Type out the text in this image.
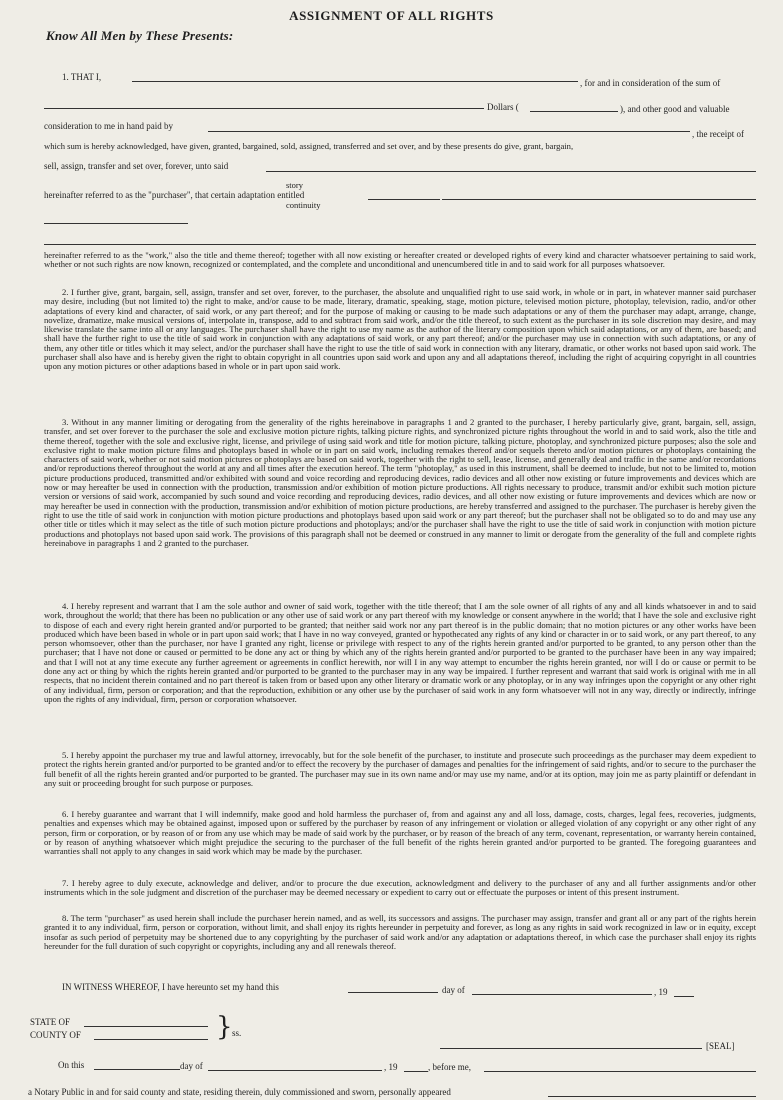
ASSIGNMENT OF ALL RIGHTS
Know All Men by These Presents:
1. THAT I,
, for and in consideration of the sum of
Dollars (	), and other good and valuable
consideration to me in hand paid by
, the receipt of
which sum is hereby acknowledged, have given, granted, bargained, sold, assigned, transferred and set over, and by these presents do give, grant, bargain,
sell, assign, transfer and set over, forever, unto said
story
hereinafter referred to as the "purchaser", that certain adaptation entitled
continuity
hereinafter referred to as the "work," also the title and theme thereof; together with all now existing or hereafter created or developed rights of every kind and character whatsoever pertaining to said work, whether or not such rights are now known, recognized or contemplated, and the complete and unconditional and unencumbered title in and to said work for all purposes whatsoever.
2. I further give, grant, bargain, sell, assign, transfer and set over, forever, to the purchaser, the absolute and unqualified right to use said work, in whole or in part, in whatever manner said purchaser may desire, including (but not limited to) the right to make, and/or cause to be made, literary, dramatic, speaking, stage, motion picture, televised motion picture, photoplay, television, radio, and/or other adaptations of every kind and character, of said work, or any part thereof; and for the purpose of making or causing to be made such adaptations or any of them the purchaser may adapt, arrange, change, novelize, dramatize, make musical versions of, interpolate in, transpose, add to and subtract from said work, and/or the title thereof, to such extent as the purchaser in its sole discretion may desire, and may likewise translate the same into all or any languages. The purchaser shall have the right to use my name as the author of the literary composition upon which said adaptations, or any of them, are based; and shall have the further right to use the title of said work in conjunction with any adaptations of said work, or any part thereof; and/or the purchaser may use in connection with such adaptations, or any of them, any other title or titles which it may select, and/or the purchaser shall have the right to use the title of said work in connection with any literary, dramatic, or other works not based upon said work. The purchaser shall also have and is hereby given the right to obtain copyright in all countries upon said work and upon any and all adaptations thereof, including the right of acquiring copyright in all countries upon any motion pictures or other adaptions based in whole or in part upon said work.
3. Without in any manner limiting or derogating from the generality of the rights hereinabove in paragraphs 1 and 2 granted to the purchaser, I hereby particularly give, grant, bargain, sell, assign, transfer, and set over forever to the purchaser the sole and exclusive motion picture rights, talking picture rights, and synchronized picture rights throughout the world in and to said work, also the title and theme thereof, together with the sole and exclusive right, license, and privilege of using said work and title for motion picture, talking picture, photoplay, and synchronized picture purposes; also the sole and exclusive right to make motion picture films and photoplays based in whole or in part on said work, including remakes thereof and/or sequels thereto and/or motion pictures or photoplays containing the characters of said work, whether or not said motion pictures or photoplays are based on said work, together with the right to sell, lease, license, and generally deal and traffic in the same and/or recordations and/or reproductions thereof throughout the world at any and all times after the execution hereof. The term "photoplay," as used in this instrument, shall be deemed to include, but not to be limited to, motion picture productions produced, transmitted and/or exhibited with sound and voice recording and reproducing devices, radio devices and all other now existing or future improvements and devices which are now or may hereafter be used in connection with the production, transmission and/or exhibition of motion picture productions. All rights necessary to produce, transmit and/or exhibit such motion picture version or versions of said work, accompanied by such sound and voice recording and reproducing devices, radio devices, and all other now existing or future improvements and devices which are now or may hereafter be used in connection with the production, transmission and/or exhibition of motion picture productions, are hereby transferred and assigned to the purchaser. The purchaser is hereby given the right to use the title of said work in conjunction with motion picture productions and photoplays based upon said work or any part thereof; but the purchaser shall not be obligated so to do and may use any other title or titles which it may select as the title of such motion picture productions and photoplays; and/or the purchaser shall have the right to use the title of said work in conjunction with motion picture productions and photoplays not based upon said work. The provisions of this paragraph shall not be deemed or construed in any manner to limit or derogate from the generality of the full and complete rights hereinabove in paragraphs 1 and 2 granted to the purchaser.
4. I hereby represent and warrant that I am the sole author and owner of said work, together with the title thereof; that I am the sole owner of all rights of any and all kinds whatsoever in and to said work, throughout the world; that there has been no publication or any other use of said work or any part thereof with my knowledge or consent anywhere in the world; that I have the sole and exclusive right to dispose of each and every right herein granted and/or purported to be granted; that neither said work nor any part thereof is in the public domain; that no motion pictures or any other works have been produced which have been based in whole or in part upon said work; that I have in no way conveyed, granted or hypothecated any rights of any kind or character in or to said work, or any part thereof, to any person whomsoever, other than the purchaser, nor have I granted any right, license or privilege with respect to any of the rights herein granted and/or purported to be granted, to any person other than the purchaser; that I have not done or caused or permitted to be done any act or thing by which any of the rights herein granted and/or purported to be granted to the purchaser have been in any way impaired; and that I will not at any time execute any further agreement or agreements in conflict herewith, nor will I in any way attempt to encumber the rights herein granted, nor will I do or cause or permit to be done any act or thing by which the rights herein granted and/or purported to be granted to the purchaser may in any way be impaired. I further represent and warrant that said work is original with me in all respects, that no incident therein contained and no part thereof is taken from or based upon any other literary or dramatic work or any photoplay, or in any way infringes upon the copyright or any other right of any individual, firm, person or corporation; and that the reproduction, exhibition or any other use by the purchaser of said work in any form whatsoever will not in any way, directly or indirectly, infringe upon the rights of any individual, firm, person or corporation whatsoever.
5. I hereby appoint the purchaser my true and lawful attorney, irrevocably, but for the sole benefit of the purchaser, to institute and prosecute such proceedings as the purchaser may deem expedient to protect the rights herein granted and/or purported to be granted and/or to effect the recovery by the purchaser of damages and penalties for the infringement of said rights, and/or to secure to the purchaser the full benefit of all the rights herein granted and/or purported to be granted. The purchaser may sue in its own name and/or may use my name, and/or at its option, may join me as party plaintiff or defendant in any suit or proceeding brought for such purpose or purposes.
6. I hereby guarantee and warrant that I will indemnify, make good and hold harmless the purchaser of, from and against any and all loss, damage, costs, charges, legal fees, recoveries, judgments, penalties and expenses which may be obtained against, imposed upon or suffered by the purchaser by reason of any infringement or violation or alleged violation of any copyright or any other right of any person, firm or corporation, or by reason of or from any use which may be made of said work by the purchaser, or by reason of the breach of any term, covenant, representation, or warranty herein contained, or by reason of anything whatsoever which might prejudice the securing to the purchaser of the full benefit of the rights herein granted and/or purported to be granted. The foregoing guarantees and warranties shall not apply to any changes in said work which may be made by the purchaser.
7. I hereby agree to duly execute, acknowledge and deliver, and/or to procure the due execution, acknowledgment and delivery to the purchaser of any and all further assignments and/or other instruments which in the sole judgment and discretion of the purchaser may be deemed necessary or expedient to carry out or effectuate the purposes or intent of this present instrument.
8. The term "purchaser" as used herein shall include the purchaser herein named, and as well, its successors and assigns. The purchaser may assign, transfer and grant all or any part of the rights herein granted it to any individual, firm, person or corporation, without limit, and shall enjoy its rights hereunder in perpetuity and forever, as long as any rights in said work recognized in law or in equity, except insofar as such period of perpetuity may be shortened due to any copyrighting by the purchaser of said work and/or any adaptation or adaptations thereof, in which case the purchaser shall enjoy its rights hereunder for the full duration of such copyright or copyrights, including any and all renewals thereof.
IN WITNESS WHEREOF, I have hereunto set my hand this	day of	, 19
STATE OF
COUNTY OF	} ss.
[SEAL]
On this	day of	, 19	, before me,
a Notary Public in and for said county and state, residing therein, duly commissioned and sworn, personally appeared
